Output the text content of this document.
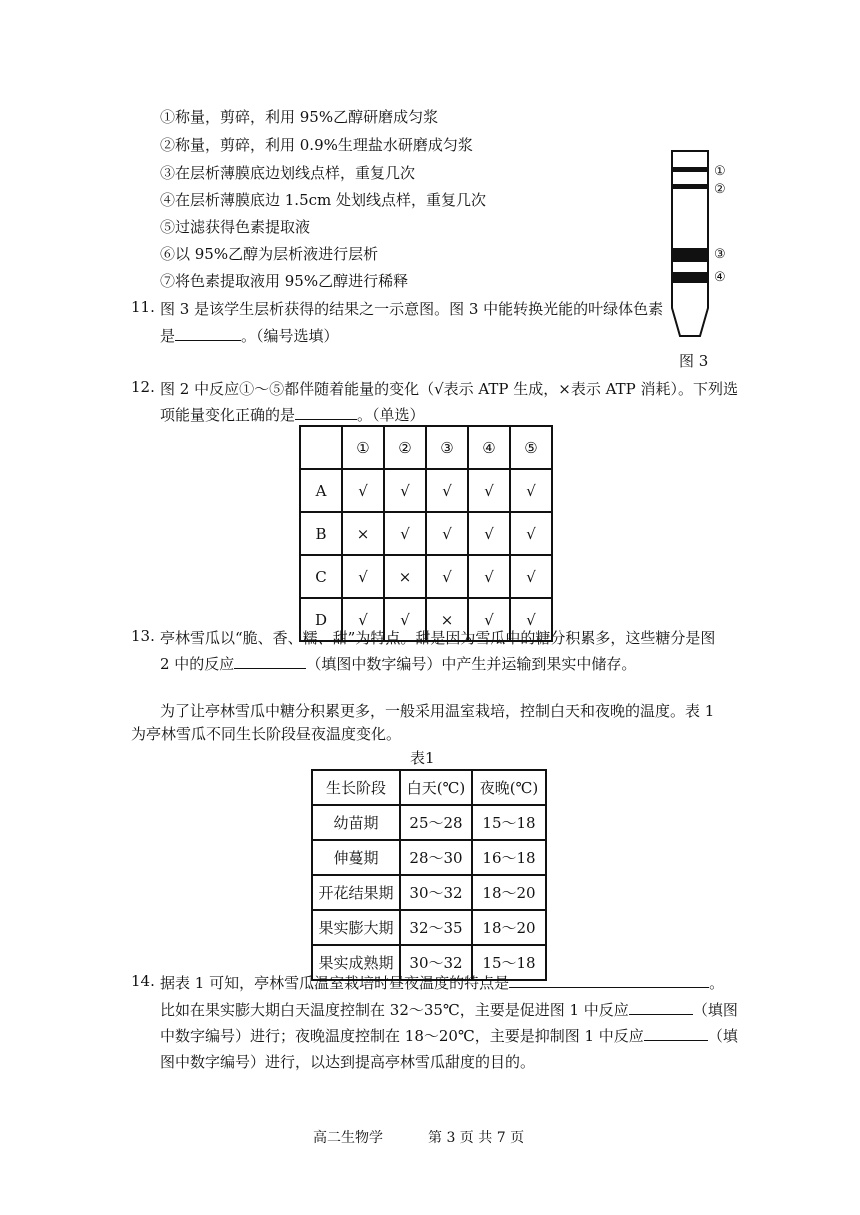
①称量，剪碎，利用 95%乙醇研磨成匀浆
②称量，剪碎，利用 0.9%生理盐水研磨成匀浆
③在层析薄膜底边划线点样，重复几次
④在层析薄膜底边 1.5cm 处划线点样，重复几次
⑤过滤获得色素提取液
⑥以 95%乙醇为层析液进行层析
⑦将色素提取液用 95%乙醇进行稀释
①
②
③
④
图 3
11. 图 3 是该学生层析获得的结果之一示意图。图 3 中能转换光能的叶绿体色素
是	。（编号选填）
12. 图 2 中反应①～⑤都伴随着能量的变化（√表示 ATP 生成，×表示 ATP 消耗）。下列选
项能量变化正确的是	。（单选）
	①	②	③	④	⑤
A	√	√	√	√	√
B	×	√	√	√	√
C	√	×	√	√	√
D	√	√	×	√	√
13. 亭林雪瓜以“脆、香、糯、甜”为特点。甜是因为雪瓜中的糖分积累多，这些糖分是图
2 中的反应	（填图中数字编号）中产生并运输到果实中储存。
为了让亭林雪瓜中糖分积累更多，一般采用温室栽培，控制白天和夜晚的温度。表 1
为亭林雪瓜不同生长阶段昼夜温度变化。
表1
生长阶段	白天(℃)	夜晚(℃)
幼苗期	25～28	15～18
伸蔓期	28～30	16～18
开花结果期	30～32	18～20
果实膨大期	32～35	18～20
果实成熟期	30～32	15～18
14. 据表 1 可知，亭林雪瓜温室栽培时昼夜温度的特点是	。
比如在果实膨大期白天温度控制在 32～35℃，主要是促进图 1 中反应	（填图
中数字编号）进行；夜晚温度控制在 18～20℃，主要是抑制图 1 中反应	（填
图中数字编号）进行，以达到提高亭林雪瓜甜度的目的。
高二生物学	第 3 页 共 7 页
